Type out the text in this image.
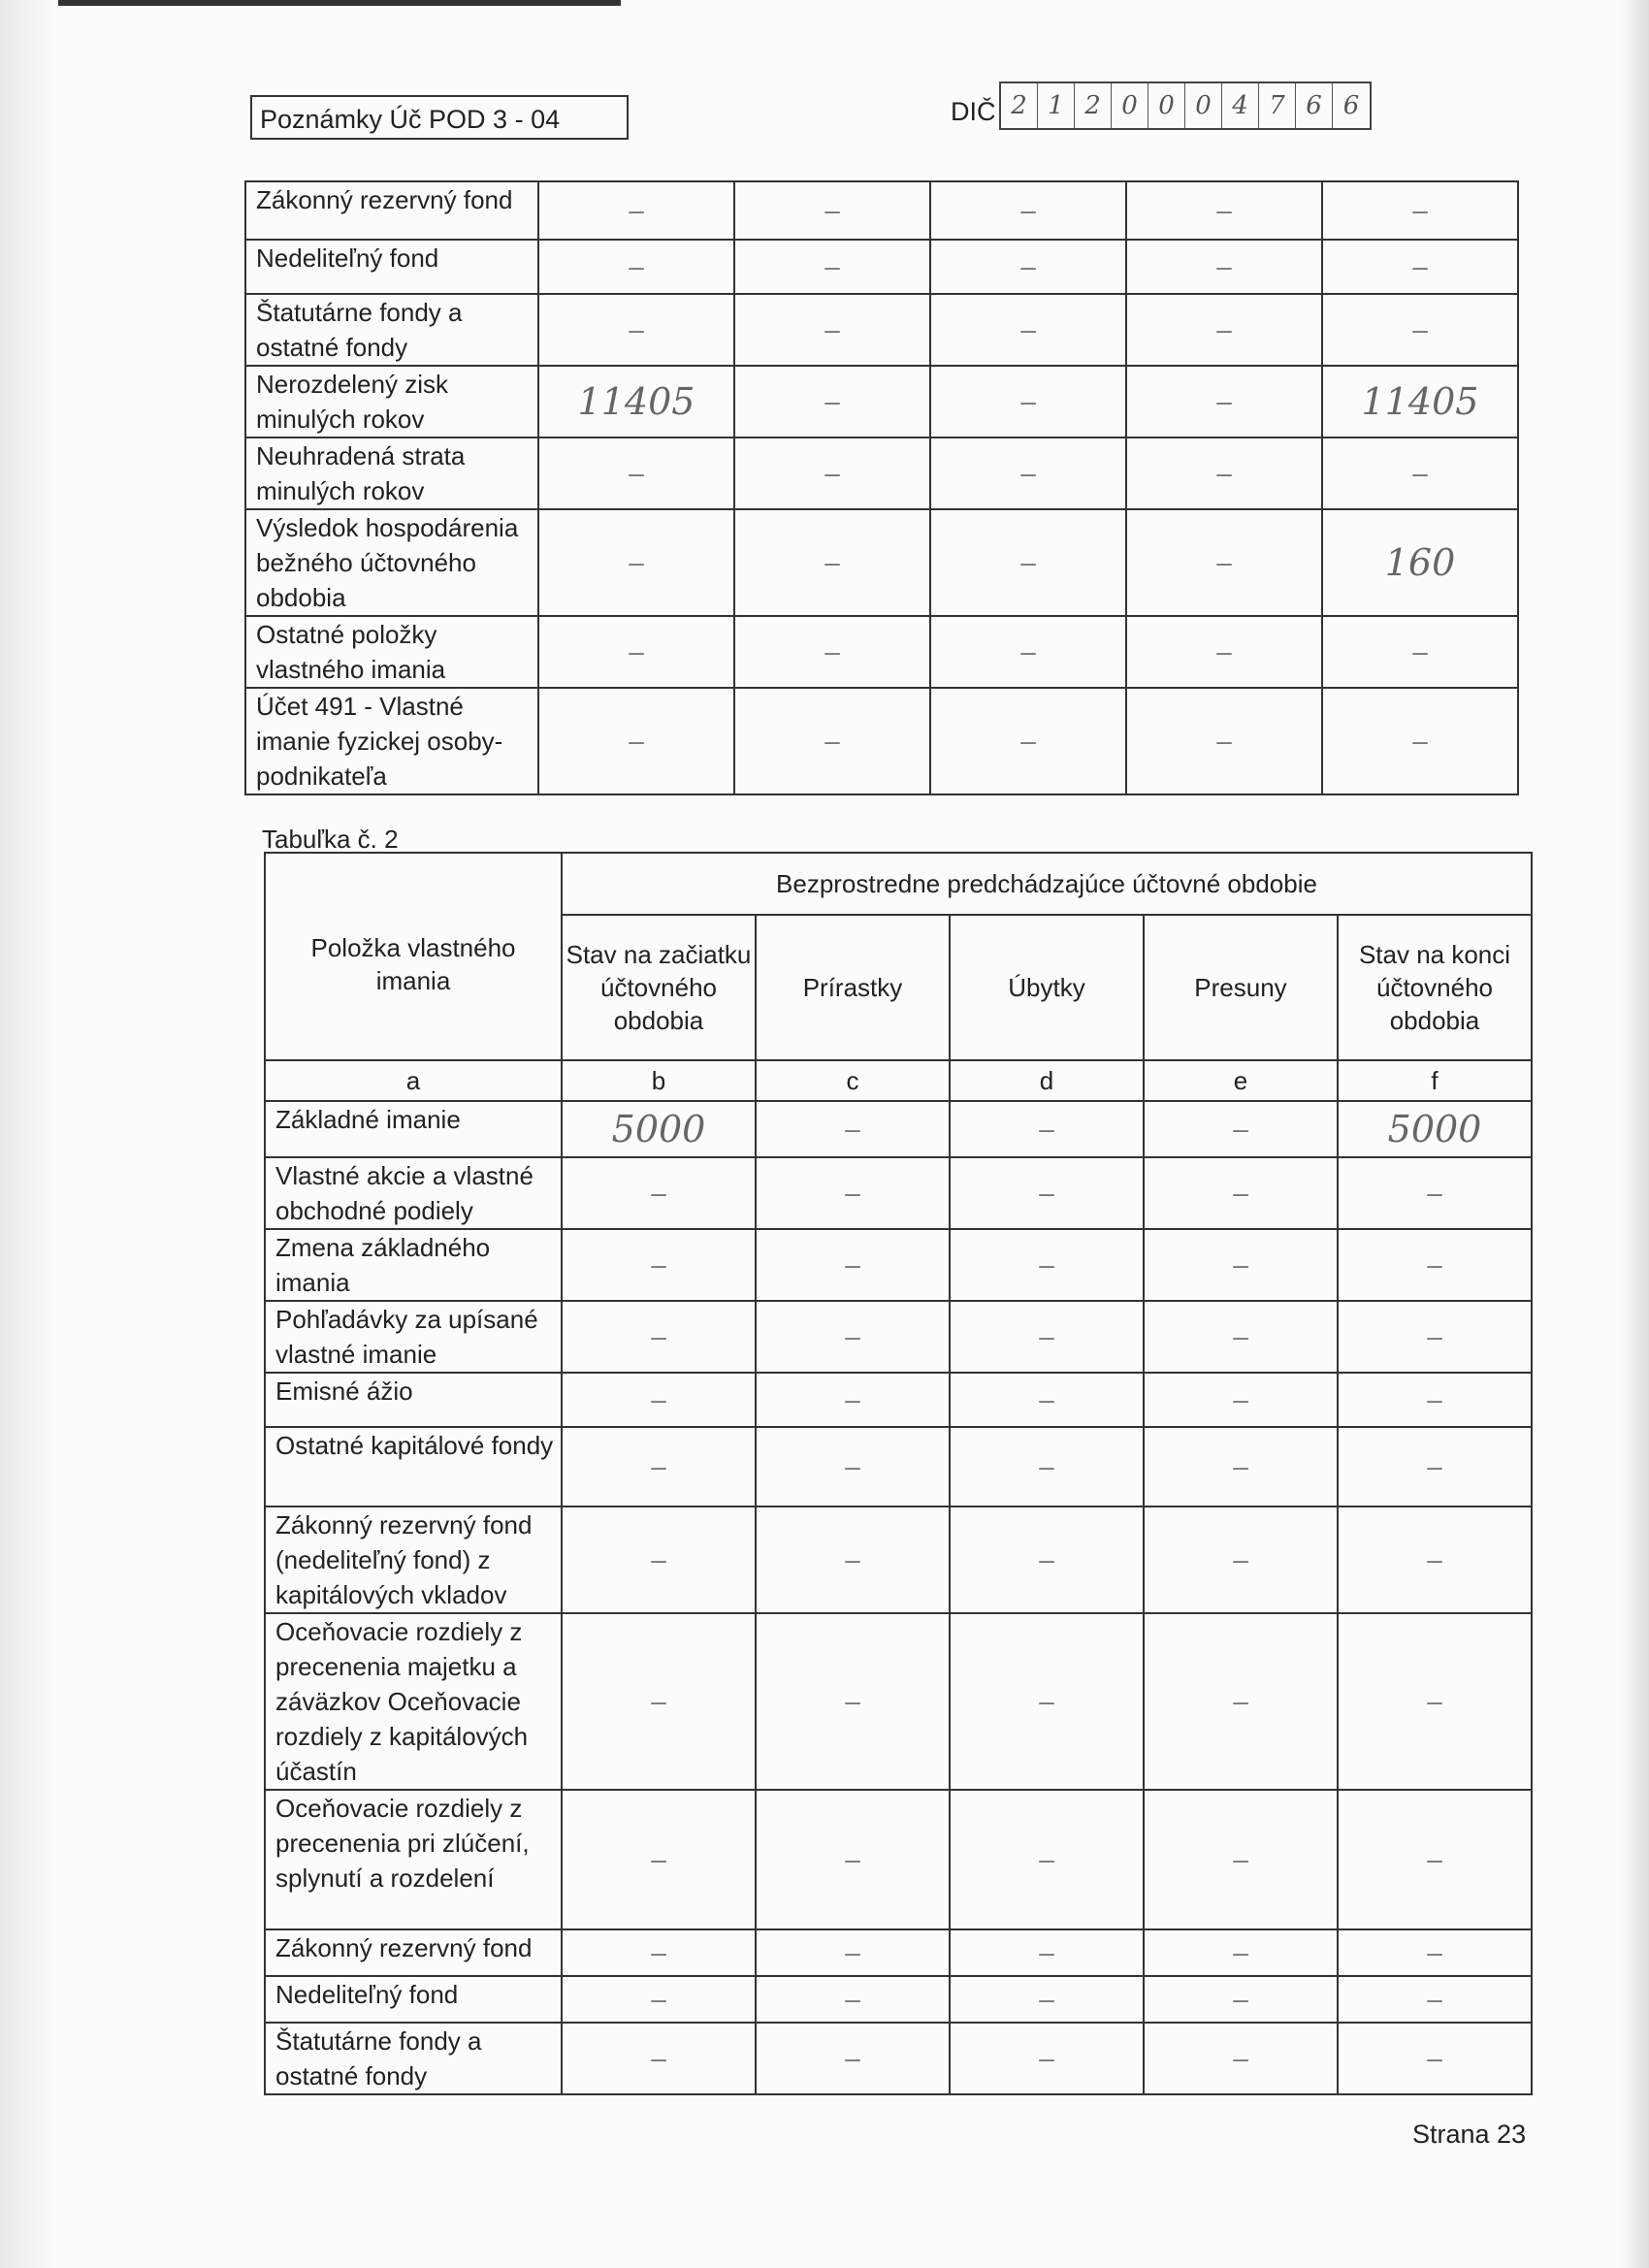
Poznámky Úč POD 3 - 04	DIČ 2 1 2 0 0 0 4 7 6 6
Zákonný rezervný fond	–	–	–	–	–
Nedeliteľný fond	–	–	–	–	–
Štatutárne fondy a ostatné fondy	–	–	–	–	–
Nerozdelený zisk minulých rokov	11405	–	–	–	11405
Neuhradená strata minulých rokov	–	–	–	–	–
Výsledok hospodárenia bežného účtovného obdobia	–	–	–	–	160
Ostatné položky vlastného imania	–	–	–	–	–
Účet 491 - Vlastné imanie fyzickej osoby-podnikateľa	–	–	–	–	–
Tabuľka č. 2
Položka vlastného imania	Bezprostredne predchádzajúce účtovné obdobie				
	Stav na začiatku účtovného obdobia	Prírastky	Úbytky	Presuny	Stav na konci účtovného obdobia
a	b	c	d	e	f
Základné imanie	5000	–	–	–	5000
Vlastné akcie a vlastné obchodné podiely	–	–	–	–	–
Zmena základného imania	–	–	–	–	–
Pohľadávky za upísané vlastné imanie	–	–	–	–	–
Emisné ážio	–	–	–	–	–
Ostatné kapitálové fondy	–	–	–	–	–
Zákonný rezervný fond (nedeliteľný fond) z kapitálových vkladov	–	–	–	–	–
Oceňovacie rozdiely z precenenia majetku a záväzkov Oceňovacie rozdiely z kapitálových účastín	–	–	–	–	–
Oceňovacie rozdiely z precenenia pri zlúčení, splynutí a rozdelení	–	–	–	–	–
Zákonný rezervný fond	–	–	–	–	–
Nedeliteľný fond	–	–	–	–	–
Štatutárne fondy a ostatné fondy	–	–	–	–	–
Strana 23
